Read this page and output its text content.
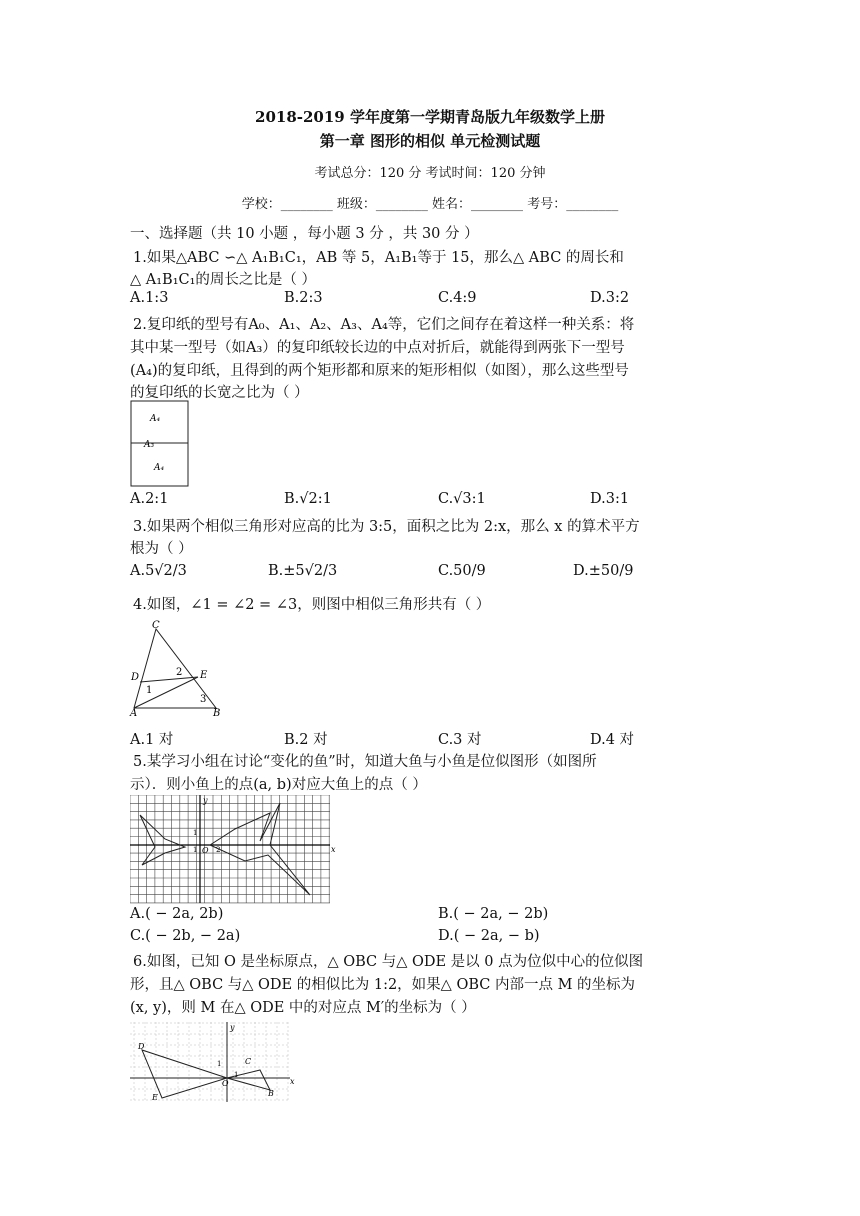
2018-2019 学年度第一学期青岛版九年级数学上册
第一章 图形的相似 单元检测试题
考试总分：120 分 考试时间：120 分钟
学校：________ 班级：________ 姓名：________ 考号：________
一、选择题（共 10 小题 ，每小题 3 分 ，共 30 分 ）
1.如果△ABC ∽△ A₁B₁C₁，AB 等 5，A₁B₁等于 15，那么△ ABC 的周长和
△ A₁B₁C₁的周长之比是（ ）
A.1:3	B.2:3	C.4:9	D.3:2
2.复印纸的型号有A₀、A₁、A₂、A₃、A₄等，它们之间存在着这样一种关系：将
其中某一型号（如A₃）的复印纸较长边的中点对折后，就能得到两张下一型号
(A₄)的复印纸，且得到的两个矩形都和原来的矩形相似（如图），那么这些型号
的复印纸的长宽之比为（ ）
A₄
A₃
A₄
A.2:1	B.√2:1	C.√3:1	D.3:1
3.如果两个相似三角形对应高的比为 3:5，面积之比为 2:x，那么 x 的算术平方
根为（ ）
A.5√2/3	B.±5√2/3	C.50/9	D.±50/9
4.如图，∠1 = ∠2 = ∠3，则图中相似三角形共有（ ）
C
D	E
A	B
1
2
3
A.1 对	B.2 对	C.3 对	D.4 对
5.某学习小组在讨论“变化的鱼”时，知道大鱼与小鱼是位似图形（如图所
示）．则小鱼上的点(a, b)对应大鱼上的点（ ）
y
x
O
1
1	2
A.( − 2a, 2b)	B.( − 2a, − 2b)
C.( − 2b, − 2a)	D.( − 2a, − b)
6.如图，已知 O 是坐标原点，△ OBC 与△ ODE 是以 0 点为位似中心的位似图
形，且△ OBC 与△ ODE 的相似比为 1:2，如果△ OBC 内部一点 M 的坐标为
(x, y)，则 M 在△ ODE 中的对应点 M′的坐标为（ ）
y
x
O
D
C
E	B
1
1
